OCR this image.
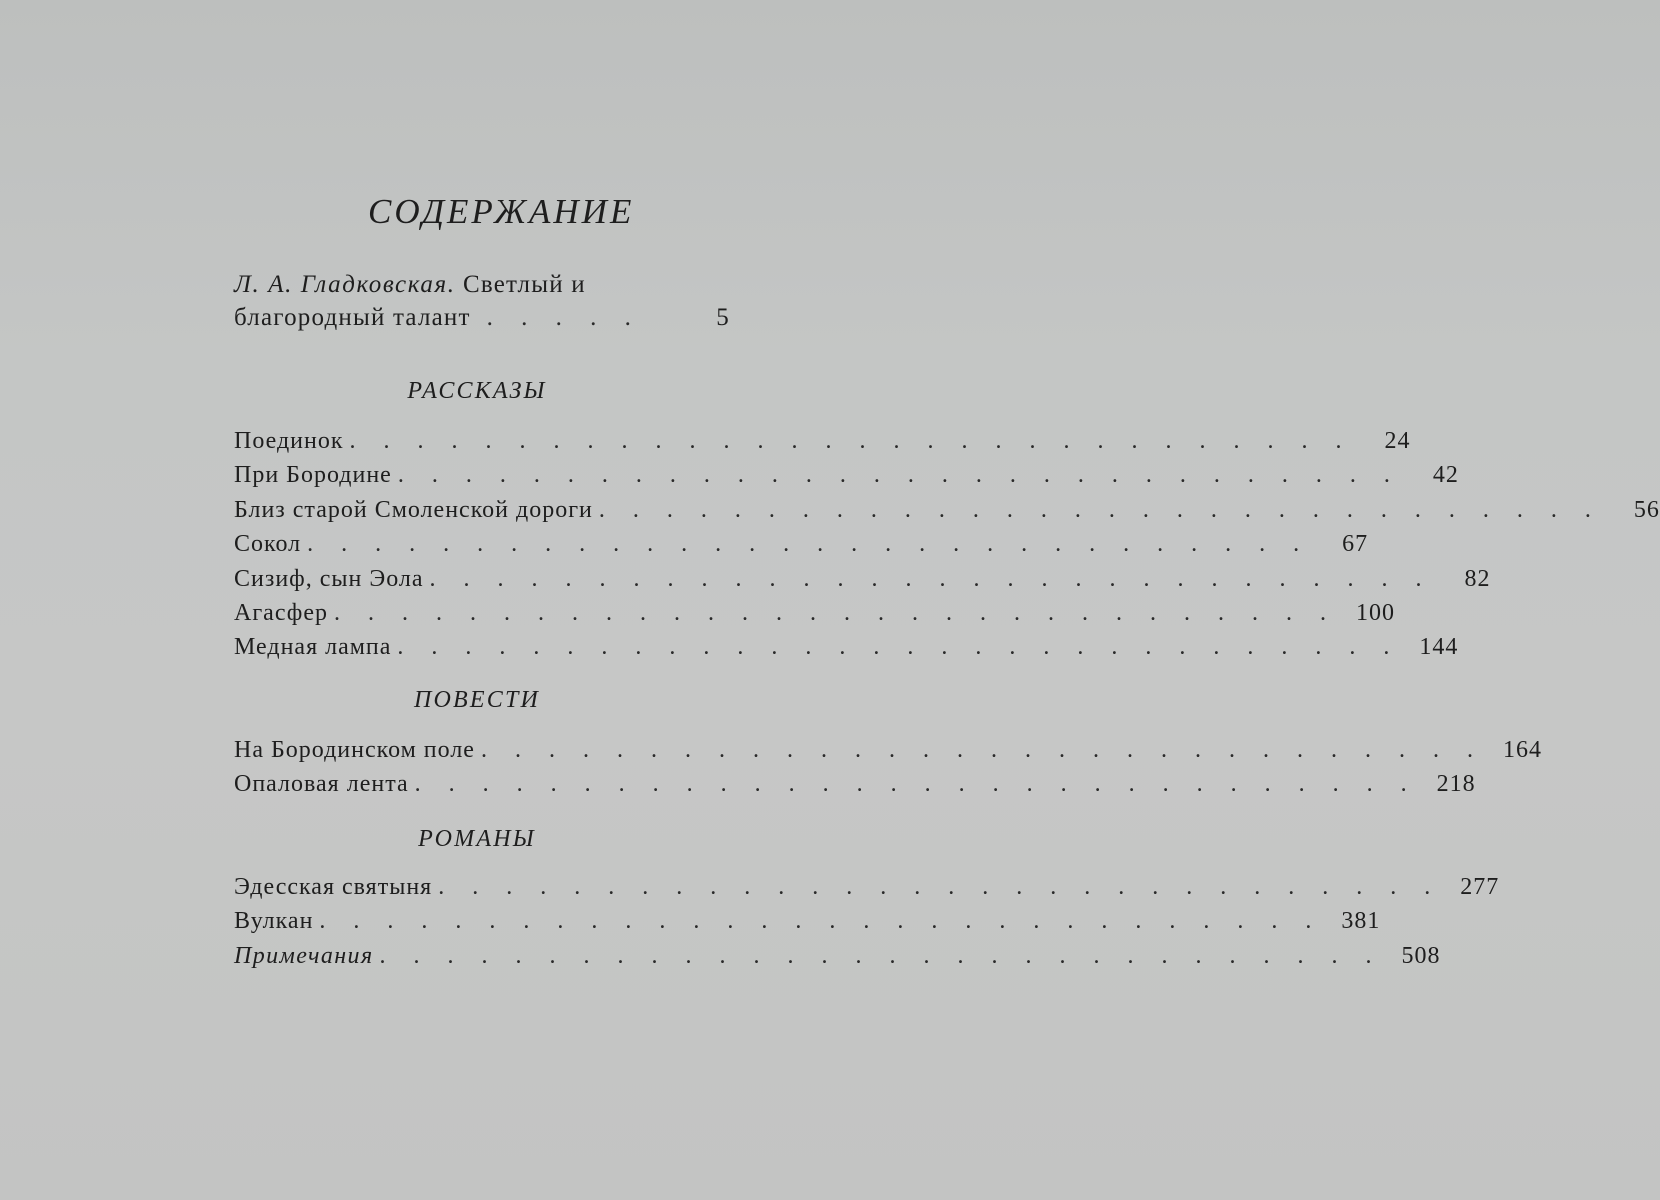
СОДЕРЖАНИЕ
Л. А. Гладковская. Светлый и
благородный талант . . . . .	5
РАССКАЗЫ
Поединок . . . . . . . . . . . . . . . . . . . . . . . . . . . . . .	24
При Бородине . . . . . . . . . . . . . . . . . . . . . . . . . . . . . .	42
Близ старой Смоленской дороги . . . . . . . . . . . . . . . . . . . . . . . . . . . . . .	56
Сокол . . . . . . . . . . . . . . . . . . . . . . . . . . . . . .	67
Сизиф, сын Эола . . . . . . . . . . . . . . . . . . . . . . . . . . . . . .	82
Агасфер . . . . . . . . . . . . . . . . . . . . . . . . . . . . . . 100
Медная лампа . . . . . . . . . . . . . . . . . . . . . . . . . . . . . . 144
ПОВЕСТИ
На Бородинском поле . . . . . . . . . . . . . . . . . . . . . . . . . . . . . . 164
Опаловая лента . . . . . . . . . . . . . . . . . . . . . . . . . . . . . . 218
РОМАНЫ
Эдесская святыня . . . . . . . . . . . . . . . . . . . . . . . . . . . . . . 277
Вулкан . . . . . . . . . . . . . . . . . . . . . . . . . . . . . . 381
Примечания . . . . . . . . . . . . . . . . . . . . . . . . . . . . . . 508
